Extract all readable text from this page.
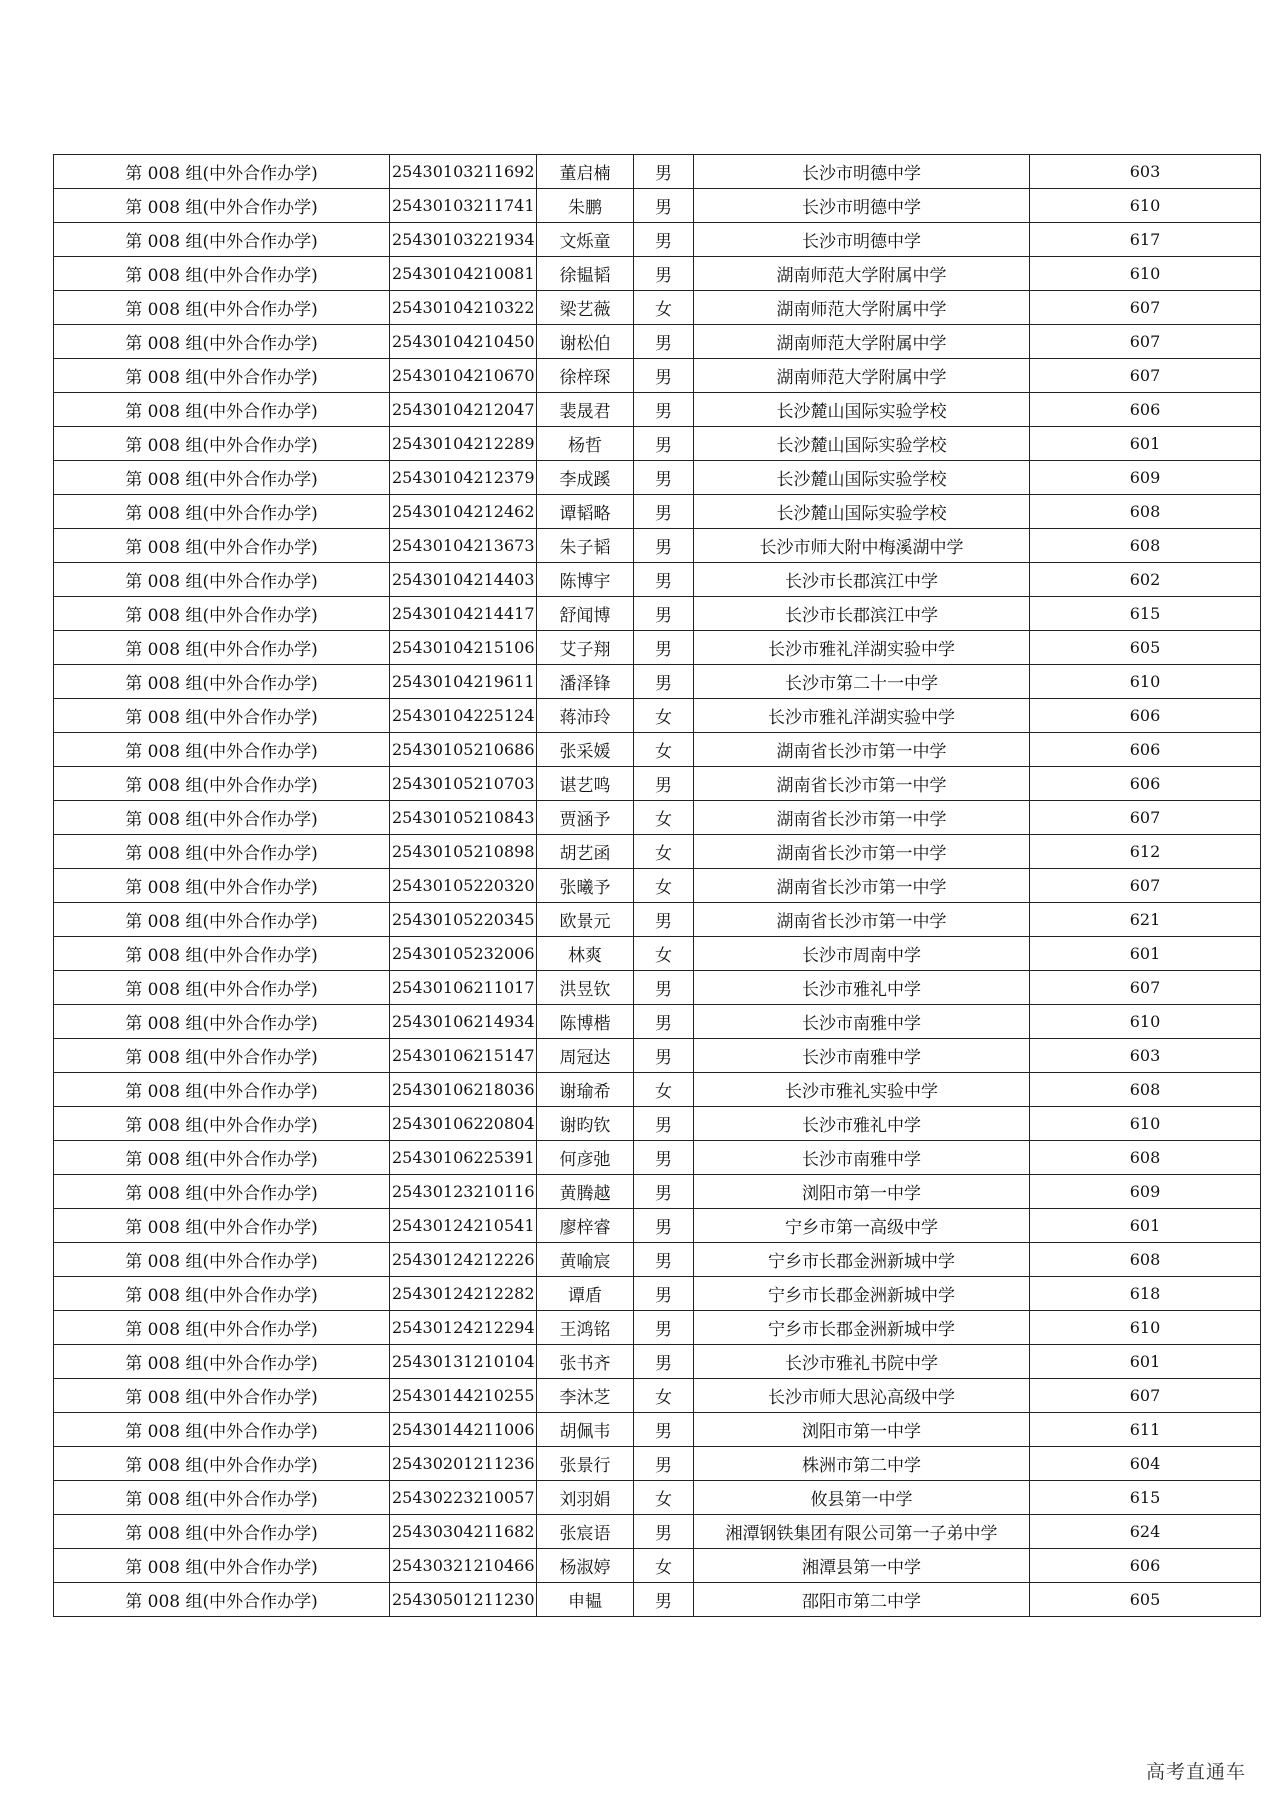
第 008 组(中外合作办学)	25430103211692	董启楠	男	长沙市明德中学	603
第 008 组(中外合作办学)	25430103211741	朱鹏	男	长沙市明德中学	610
第 008 组(中外合作办学)	25430103221934	文烁童	男	长沙市明德中学	617
第 008 组(中外合作办学)	25430104210081	徐韫韬	男	湖南师范大学附属中学	610
第 008 组(中外合作办学)	25430104210322	梁艺薇	女	湖南师范大学附属中学	607
第 008 组(中外合作办学)	25430104210450	谢松伯	男	湖南师范大学附属中学	607
第 008 组(中外合作办学)	25430104210670	徐梓琛	男	湖南师范大学附属中学	607
第 008 组(中外合作办学)	25430104212047	裴晟君	男	长沙麓山国际实验学校	606
第 008 组(中外合作办学)	25430104212289	杨哲	男	长沙麓山国际实验学校	601
第 008 组(中外合作办学)	25430104212379	李成蹊	男	长沙麓山国际实验学校	609
第 008 组(中外合作办学)	25430104212462	谭韬略	男	长沙麓山国际实验学校	608
第 008 组(中外合作办学)	25430104213673	朱子韬	男	长沙市师大附中梅溪湖中学	608
第 008 组(中外合作办学)	25430104214403	陈博宇	男	长沙市长郡滨江中学	602
第 008 组(中外合作办学)	25430104214417	舒闻博	男	长沙市长郡滨江中学	615
第 008 组(中外合作办学)	25430104215106	艾子翔	男	长沙市雅礼洋湖实验中学	605
第 008 组(中外合作办学)	25430104219611	潘泽锋	男	长沙市第二十一中学	610
第 008 组(中外合作办学)	25430104225124	蒋沛玲	女	长沙市雅礼洋湖实验中学	606
第 008 组(中外合作办学)	25430105210686	张采媛	女	湖南省长沙市第一中学	606
第 008 组(中外合作办学)	25430105210703	谌艺鸣	男	湖南省长沙市第一中学	606
第 008 组(中外合作办学)	25430105210843	贾涵予	女	湖南省长沙市第一中学	607
第 008 组(中外合作办学)	25430105210898	胡艺函	女	湖南省长沙市第一中学	612
第 008 组(中外合作办学)	25430105220320	张曦予	女	湖南省长沙市第一中学	607
第 008 组(中外合作办学)	25430105220345	欧景元	男	湖南省长沙市第一中学	621
第 008 组(中外合作办学)	25430105232006	林爽	女	长沙市周南中学	601
第 008 组(中外合作办学)	25430106211017	洪昱钦	男	长沙市雅礼中学	607
第 008 组(中外合作办学)	25430106214934	陈博楷	男	长沙市南雅中学	610
第 008 组(中外合作办学)	25430106215147	周冠达	男	长沙市南雅中学	603
第 008 组(中外合作办学)	25430106218036	谢瑜希	女	长沙市雅礼实验中学	608
第 008 组(中外合作办学)	25430106220804	谢昀钦	男	长沙市雅礼中学	610
第 008 组(中外合作办学)	25430106225391	何彦弛	男	长沙市南雅中学	608
第 008 组(中外合作办学)	25430123210116	黄腾越	男	浏阳市第一中学	609
第 008 组(中外合作办学)	25430124210541	廖梓睿	男	宁乡市第一高级中学	601
第 008 组(中外合作办学)	25430124212226	黄喻宸	男	宁乡市长郡金洲新城中学	608
第 008 组(中外合作办学)	25430124212282	谭盾	男	宁乡市长郡金洲新城中学	618
第 008 组(中外合作办学)	25430124212294	王鸿铭	男	宁乡市长郡金洲新城中学	610
第 008 组(中外合作办学)	25430131210104	张书齐	男	长沙市雅礼书院中学	601
第 008 组(中外合作办学)	25430144210255	李沐芝	女	长沙市师大思沁高级中学	607
第 008 组(中外合作办学)	25430144211006	胡佩韦	男	浏阳市第一中学	611
第 008 组(中外合作办学)	25430201211236	张景行	男	株洲市第二中学	604
第 008 组(中外合作办学)	25430223210057	刘羽娟	女	攸县第一中学	615
第 008 组(中外合作办学)	25430304211682	张宸语	男	湘潭钢铁集团有限公司第一子弟中学	624
第 008 组(中外合作办学)	25430321210466	杨淑婷	女	湘潭县第一中学	606
第 008 组(中外合作办学)	25430501211230	申韫	男	邵阳市第二中学	605
高考直通车
